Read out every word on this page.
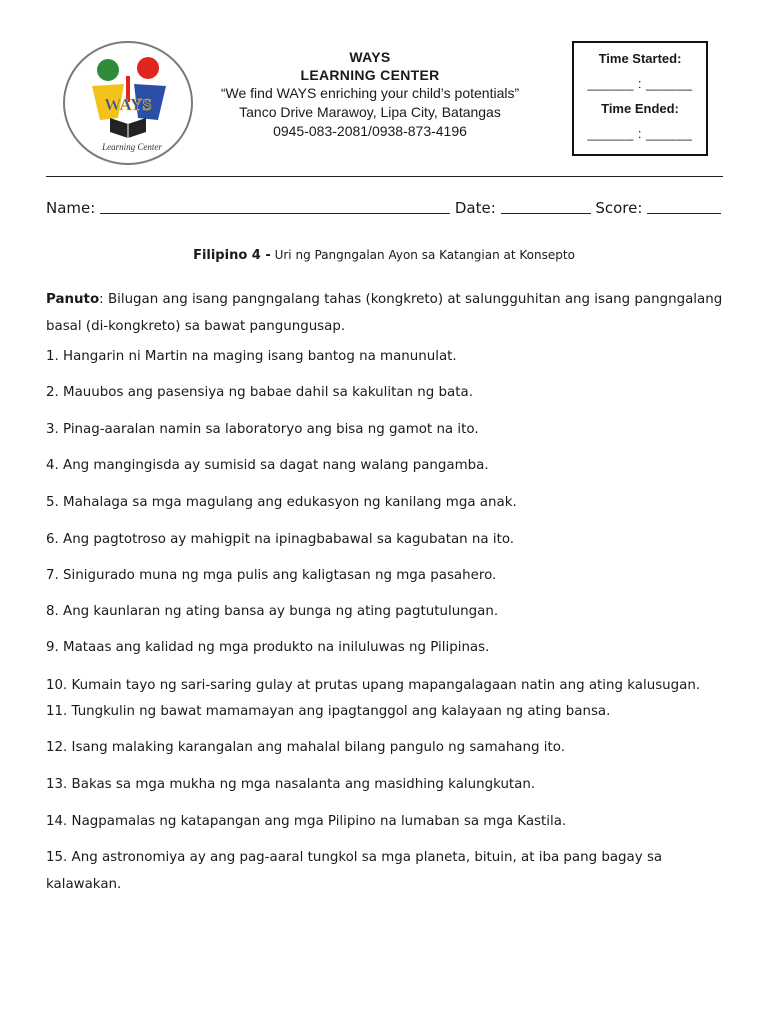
WAYS
Learning Center
WAYS
LEARNING CENTER
“We find WAYS enriching your child’s potentials”
Tanco Drive Marawoy, Lipa City, Batangas
0945-083-2081/0938-873-4196
Time Started:
______ : ______
Time Ended:
______ : ______
Name:	Date:	Score:
Filipino 4 - Uri ng Pangngalan Ayon sa Katangian at Konsepto
Panuto: Bilugan ang isang pangngalang tahas (kongkreto) at salungguhitan ang isang pangngalang basal (di-kongkreto) sa bawat pangungusap.
1. Hangarin ni Martin na maging isang bantog na manunulat.
2. Mauubos ang pasensiya ng babae dahil sa kakulitan ng bata.
3. Pinag-aaralan namin sa laboratoryo ang bisa ng gamot na ito.
4. Ang mangingisda ay sumisid sa dagat nang walang pangamba.
5. Mahalaga sa mga magulang ang edukasyon ng kanilang mga anak.
6. Ang pagtotroso ay mahigpit na ipinagbabawal sa kagubatan na ito.
7. Sinigurado muna ng mga pulis ang kaligtasan ng mga pasahero.
8. Ang kaunlaran ng ating bansa ay bunga ng ating pagtutulungan.
9. Mataas ang kalidad ng mga produkto na iniluluwas ng Pilipinas.
10. Kumain tayo ng sari-saring gulay at prutas upang mapangalagaan natin ang ating kalusugan.
11. Tungkulin ng bawat mamamayan ang ipagtanggol ang kalayaan ng ating bansa.
12. Isang malaking karangalan ang mahalal bilang pangulo ng samahang ito.
13. Bakas sa mga mukha ng mga nasalanta ang masidhing kalungkutan.
14. Nagpamalas ng katapangan ang mga Pilipino na lumaban sa mga Kastila.
15. Ang astronomiya ay ang pag-aaral tungkol sa mga planeta, bituin, at iba pang bagay sa kalawakan.
